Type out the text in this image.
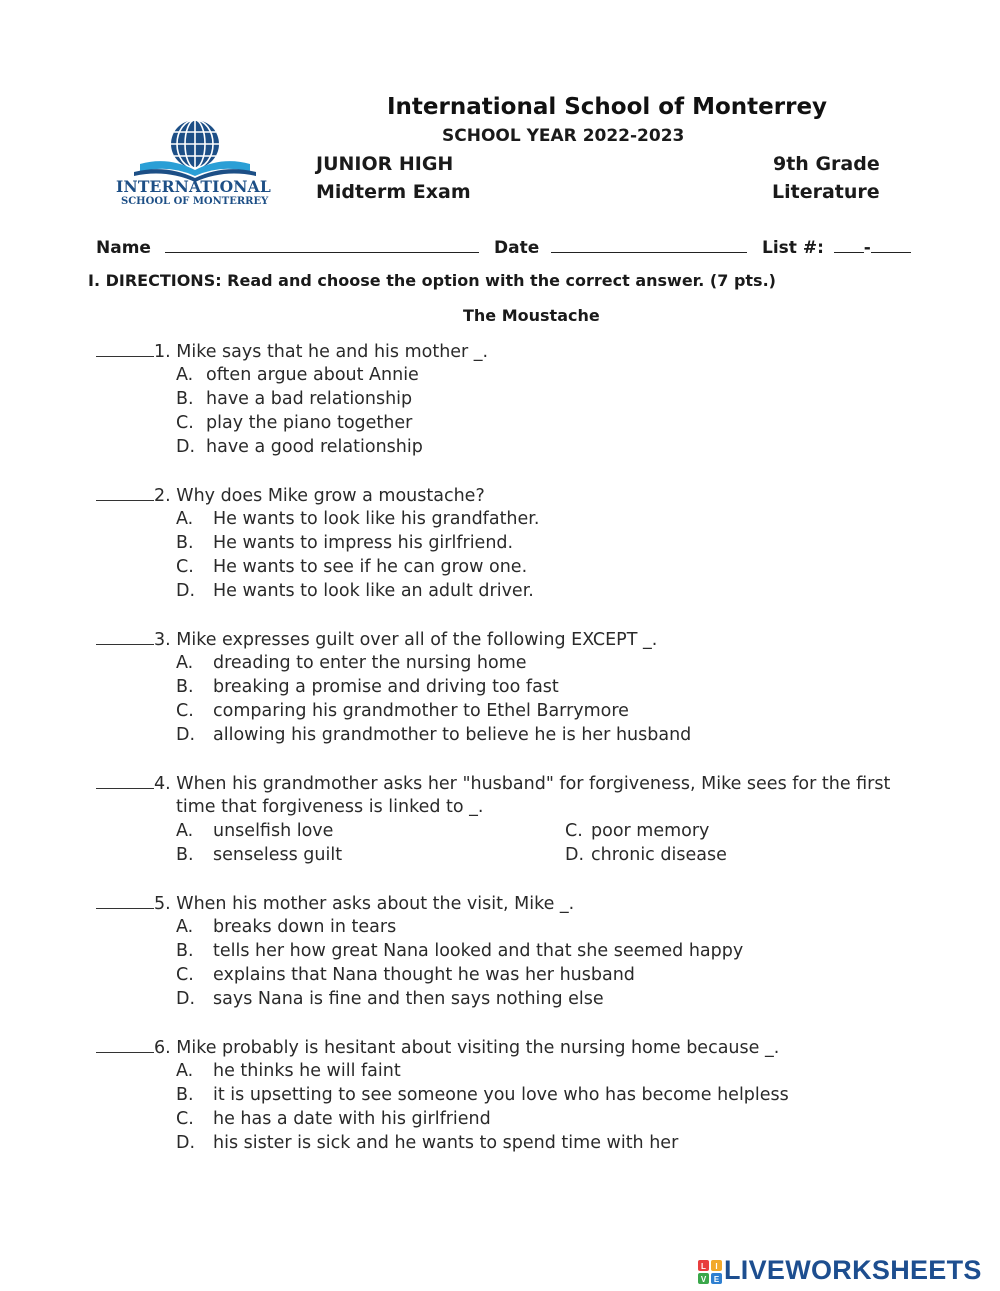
INTERNATIONAL
SCHOOL OF MONTERREY
International School of Monterrey
SCHOOL YEAR 2022-2023
JUNIOR HIGH	9th Grade
Midterm Exam	Literature
Name	Date	List #: -
I. DIRECTIONS: Read and choose the option with the correct answer. (7 pts.)
The Moustache
1. Mike says that he and his mother _.
A. often argue about Annie
B. have a bad relationship
C. play the piano together
D. have a good relationship
2. Why does Mike grow a moustache?
A. He wants to look like his grandfather.
B. He wants to impress his girlfriend.
C. He wants to see if he can grow one.
D. He wants to look like an adult driver.
3. Mike expresses guilt over all of the following EXCEPT _.
A. dreading to enter the nursing home
B. breaking a promise and driving too fast
C. comparing his grandmother to Ethel Barrymore
D. allowing his grandmother to believe he is her husband
4. When his grandmother asks her "husband" for forgiveness, Mike sees for the first
time that forgiveness is linked to _.
A. unselfish love
B. senseless guilt
C. poor memory
D. chronic disease
5. When his mother asks about the visit, Mike _.
A. breaks down in tears
B. tells her how great Nana looked and that she seemed happy
C. explains that Nana thought he was her husband
D. says Nana is fine and then says nothing else
6. Mike probably is hesitant about visiting the nursing home because _.
A. he thinks he will faint
B. it is upsetting to see someone you love who has become helpless
C. he has a date with his girlfriend
D. his sister is sick and he wants to spend time with her
L I
V E LIVEWORKSHEETS
